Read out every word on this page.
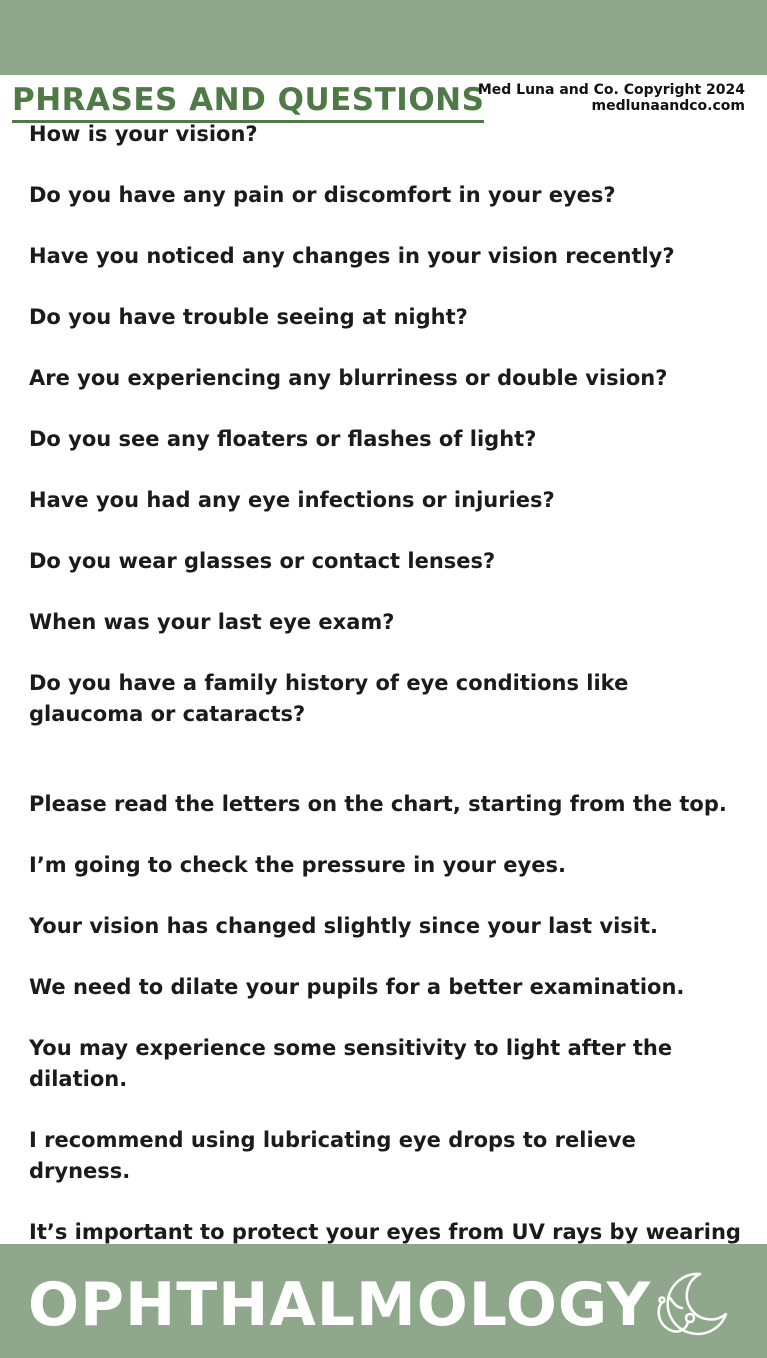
PHRASES AND QUESTIONS
Med Luna and Co. Copyright 2024
medlunaandco.com
How is your vision?
Do you have any pain or discomfort in your eyes?
Have you noticed any changes in your vision recently?
Do you have trouble seeing at night?
Are you experiencing any blurriness or double vision?
Do you see any floaters or flashes of light?
Have you had any eye infections or injuries?
Do you wear glasses or contact lenses?
When was your last eye exam?
Do you have a family history of eye conditions like glaucoma or cataracts?
Please read the letters on the chart, starting from the top.
I’m going to check the pressure in your eyes.
Your vision has changed slightly since your last visit.
We need to dilate your pupils for a better examination.
You may experience some sensitivity to light after the dilation.
I recommend using lubricating eye drops to relieve dryness.
It’s important to protect your eyes from UV rays by wearing
OPHTHALMOLOGY
